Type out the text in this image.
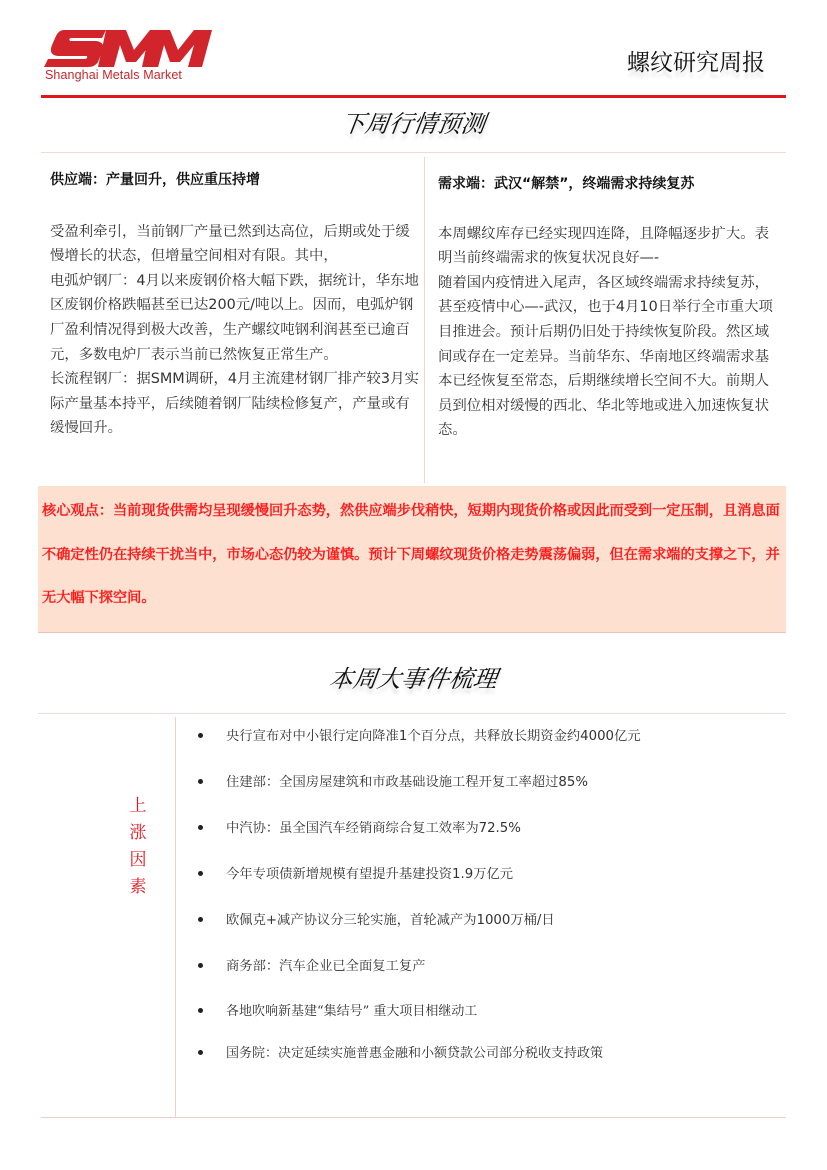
Shanghai Metals Market	螺纹研究周报
下周行情预测
供应端：产量回升，供应重压持增
受盈利牵引，当前钢厂产量已然到达高位，后期或处于缓慢增长的状态，但增量空间相对有限。其中，
电弧炉钢厂：4月以来废钢价格大幅下跌，据统计，华东地区废钢价格跌幅甚至已达200元/吨以上。因而，电弧炉钢厂盈利情况得到极大改善，生产螺纹吨钢利润甚至已逾百元，多数电炉厂表示当前已然恢复正常生产。
长流程钢厂：据SMM调研，4月主流建材钢厂排产较3月实际产量基本持平，后续随着钢厂陆续检修复产，产量或有缓慢回升。
需求端：武汉“解禁”，终端需求持续复苏
本周螺纹库存已经实现四连降，且降幅逐步扩大。表明当前终端需求的恢复状况良好—-
随着国内疫情进入尾声，各区域终端需求持续复苏，甚至疫情中心—-武汉，也于4月10日举行全市重大项目推进会。预计后期仍旧处于持续恢复阶段。然区域间或存在一定差异。当前华东、华南地区终端需求基本已经恢复至常态，后期继续增长空间不大。前期人员到位相对缓慢的西北、华北等地或进入加速恢复状态。
核心观点：当前现货供需均呈现缓慢回升态势，然供应端步伐稍快，短期内现货价格或因此而受到一定压制，且消息面不确定性仍在持续干扰当中，市场心态仍较为谨慎。预计下周螺纹现货价格走势震荡偏弱，但在需求端的支撑之下，并无大幅下探空间。
本周大事件梳理
上
涨
因
素
央行宣布对中小银行定向降准1个百分点，共释放长期资金约4000亿元
住建部：全国房屋建筑和市政基础设施工程开复工率超过85%
中汽协：虽全国汽车经销商综合复工效率为72.5%
今年专项债新增规模有望提升基建投资1.9万亿元
欧佩克+减产协议分三轮实施，首轮减产为1000万桶/日
商务部：汽车企业已全面复工复产
各地吹响新基建“集结号” 重大项目相继动工
国务院：决定延续实施普惠金融和小额贷款公司部分税收支持政策
